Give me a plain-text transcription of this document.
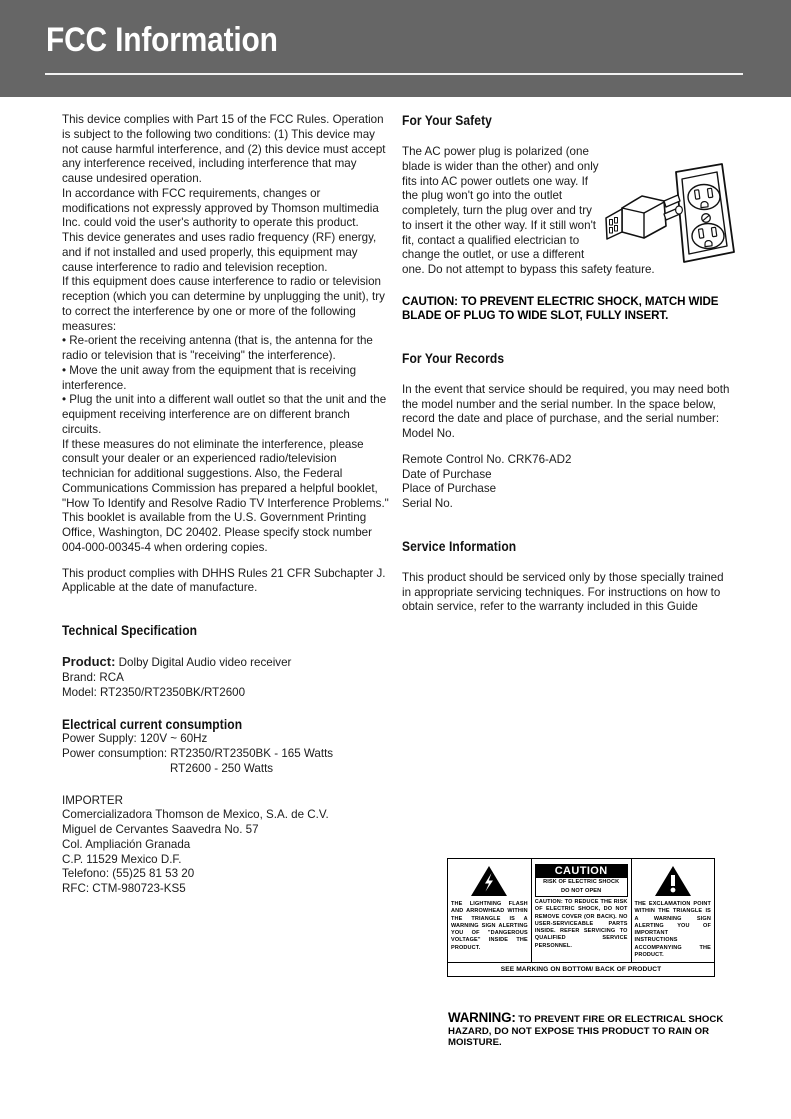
FCC Information

This device complies with Part 15 of the FCC Rules. Operation is subject to the following two conditions: (1) This device may not cause harmful interference, and (2) this device must accept any interference received, including interference that may cause undesired operation.

In accordance with FCC requirements, changes or modifications not expressly approved by Thomson multimedia Inc. could void the user's authority to operate this product.

This device generates and uses radio frequency (RF) energy, and if not installed and used properly, this equipment may cause interference to radio and television reception.

If this equipment does cause interference to radio or television reception (which you can determine by unplugging the unit), try to correct the interference by one or more of the following measures:

• Re-orient the receiving antenna (that is, the antenna for the radio or television that is "receiving" the interference).

• Move the unit away from the equipment that is receiving interference.

• Plug the unit into a different wall outlet so that the unit and the equipment receiving interference are on different branch circuits.

If these measures do not eliminate the interference, please consult your dealer or an experienced radio/television technician for additional suggestions. Also, the Federal Communications Commission has prepared a helpful booklet, "How To Identify and Resolve Radio TV Interference Problems." This booklet is available from the U.S. Government Printing Office, Washington, DC 20402. Please specify stock number 004-000-00345-4 when ordering copies.

This product complies with DHHS Rules 21 CFR Subchapter J. Applicable at the date of manufacture.

Technical Specification

Product: Dolby Digital Audio video receiver

Brand: RCA

Model: RT2350/RT2350BK/RT2600

Electrical current consumption

Power Supply: 120V ~ 60Hz

Power consumption: RT2350/RT2350BK - 165 Watts

RT2600 - 250 Watts

IMPORTER

Comercializadora Thomson de Mexico, S.A. de C.V.

Miguel de Cervantes Saavedra No. 57

Col. Ampliación Granada

C.P. 11529 Mexico D.F.

Telefono: (55)25 81 53 20

RFC: CTM-980723-KS5

For Your Safety

The AC power plug is polarized (one blade is wider than the other) and only fits into AC power outlets one way. If the plug won't go into the outlet completely, turn the plug over and try to insert it the other way. If it still won't fit, contact a qualified electrician to change the outlet, or use a different one. Do not attempt to bypass this safety feature.

CAUTION: TO PREVENT ELECTRIC SHOCK, MATCH WIDE BLADE OF PLUG TO WIDE SLOT, FULLY INSERT.

For Your Records

In the event that service should be required, you may need both the model number and the serial number. In the space below, record the date and place of purchase, and the serial number:

Model No.

Remote Control No. CRK76-AD2

Date of Purchase

Place of Purchase

Serial No.

Service Information

This product should be serviced only by those specially trained in appropriate servicing techniques. For instructions on how to obtain service, refer to the warranty included in this Guide

THE LIGHTNING FLASH AND ARROWHEAD WITHIN THE TRIANGLE IS A WARNING SIGN ALERTING YOU OF "DANGEROUS VOLTAGE" INSIDE THE PRODUCT.
CAUTION
RISK OF ELECTRIC SHOCK
DO NOT OPEN
CAUTION: TO REDUCE THE RISK OF ELECTRIC SHOCK, DO NOT REMOVE COVER (OR BACK). NO USER-SERVICEABLE PARTS INSIDE. REFER SERVICING TO QUALIFIED SERVICE PERSONNEL.
THE EXCLAMATION POINT WITHIN THE TRIANGLE IS A WARNING SIGN ALERTING YOU OF IMPORTANT INSTRUCTIONS ACCOMPANYING THE PRODUCT.
SEE MARKING ON BOTTOM/ BACK OF PRODUCT
WARNING: TO PREVENT FIRE OR ELECTRICAL SHOCK HAZARD, DO NOT EXPOSE THIS PRODUCT TO RAIN OR MOISTURE.
